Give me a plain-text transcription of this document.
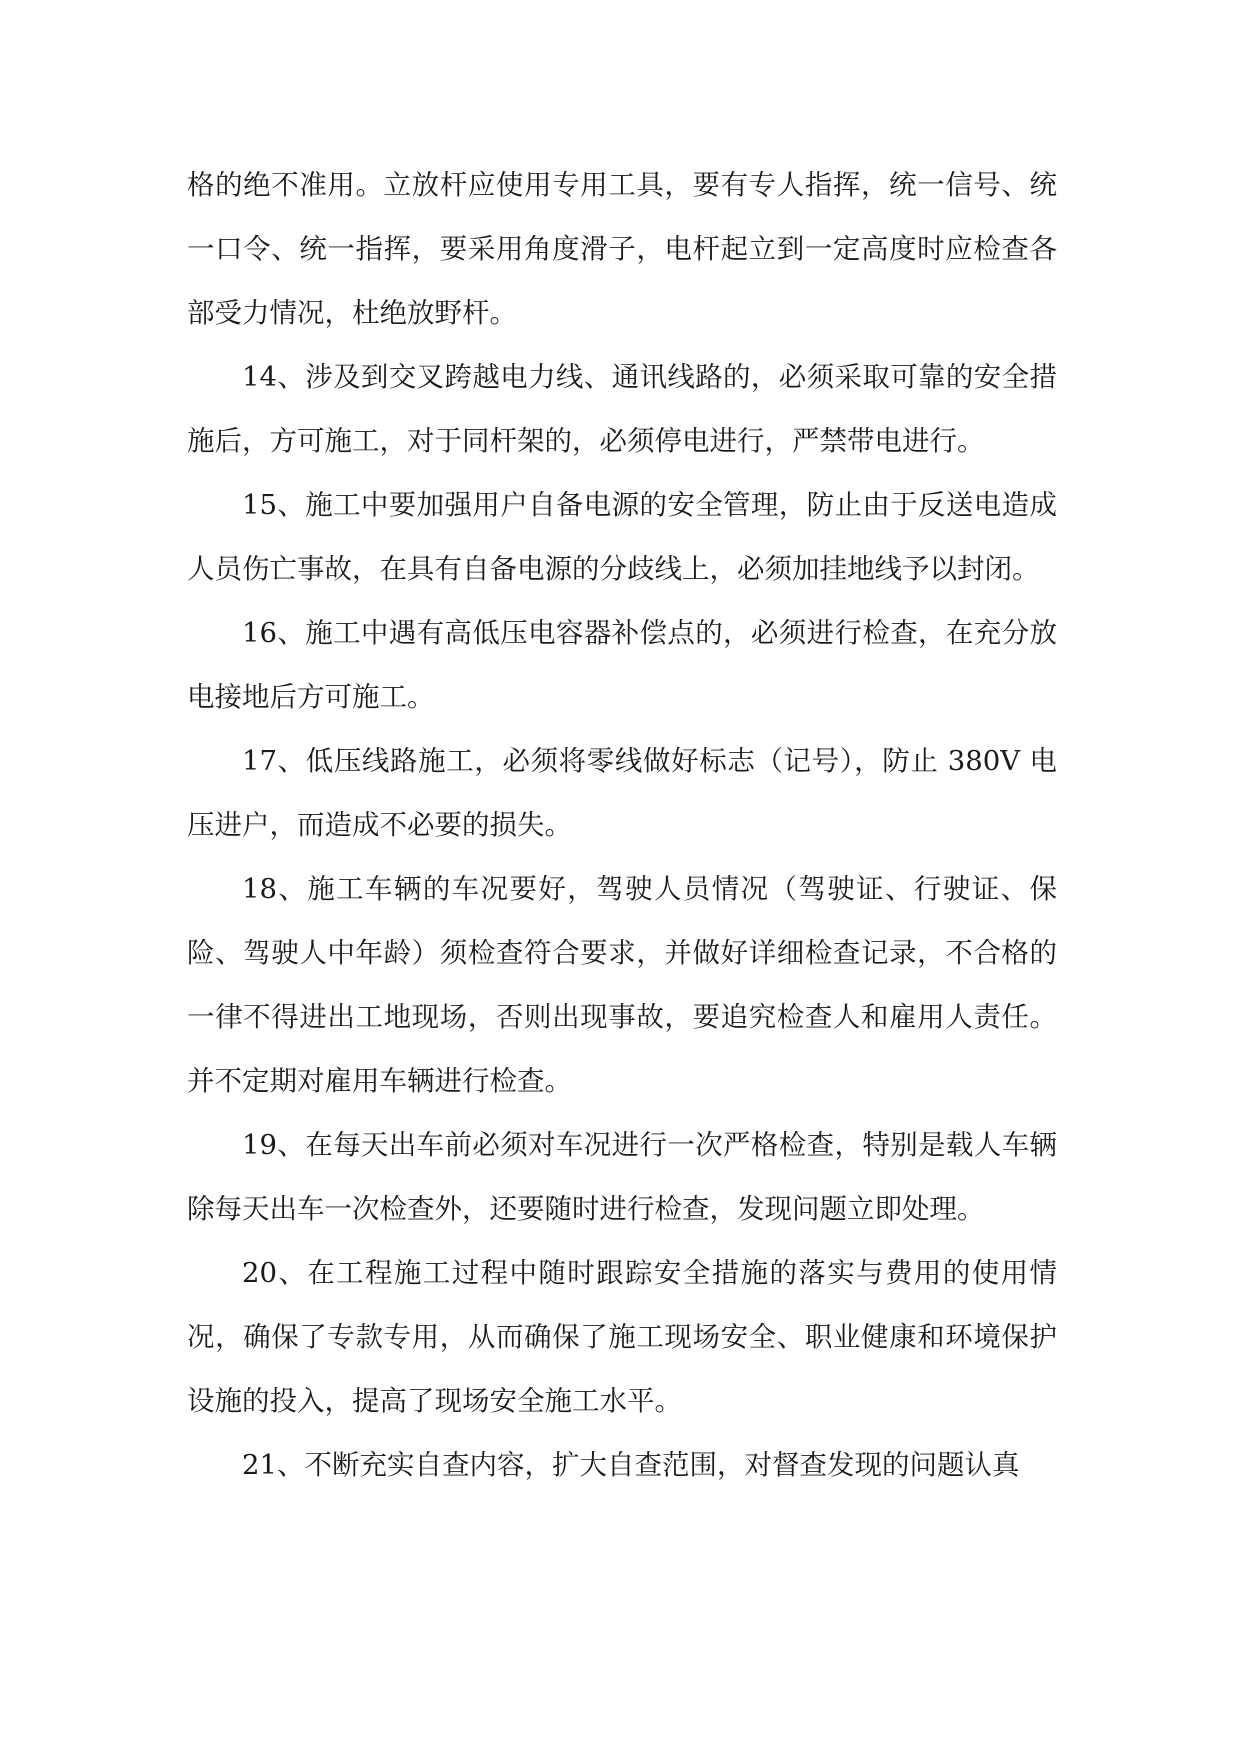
格的绝不准用。立放杆应使用专用工具，要有专人指挥，统一信号、统一口令、统一指挥，要采用角度滑子，电杆起立到一定高度时应检查各部受力情况，杜绝放野杆。

14、涉及到交叉跨越电力线、通讯线路的，必须采取可靠的安全措施后，方可施工，对于同杆架的，必须停电进行，严禁带电进行。

15、施工中要加强用户自备电源的安全管理，防止由于反送电造成人员伤亡事故，在具有自备电源的分歧线上，必须加挂地线予以封闭。

16、施工中遇有高低压电容器补偿点的，必须进行检查，在充分放电接地后方可施工。

17、低压线路施工，必须将零线做好标志（记号），防止 380V 电压进户，而造成不必要的损失。

18、施工车辆的车况要好，驾驶人员情况（驾驶证、行驶证、保险、驾驶人中年龄）须检查符合要求，并做好详细检查记录，不合格的一律不得进出工地现场，否则出现事故，要追究检查人和雇用人责任。并不定期对雇用车辆进行检查。

19、在每天出车前必须对车况进行一次严格检查，特别是载人车辆除每天出车一次检查外，还要随时进行检查，发现问题立即处理。

20、在工程施工过程中随时跟踪安全措施的落实与费用的使用情况，确保了专款专用，从而确保了施工现场安全、职业健康和环境保护设施的投入，提高了现场安全施工水平。

21、不断充实自查内容，扩大自查范围，对督查发现的问题认真
